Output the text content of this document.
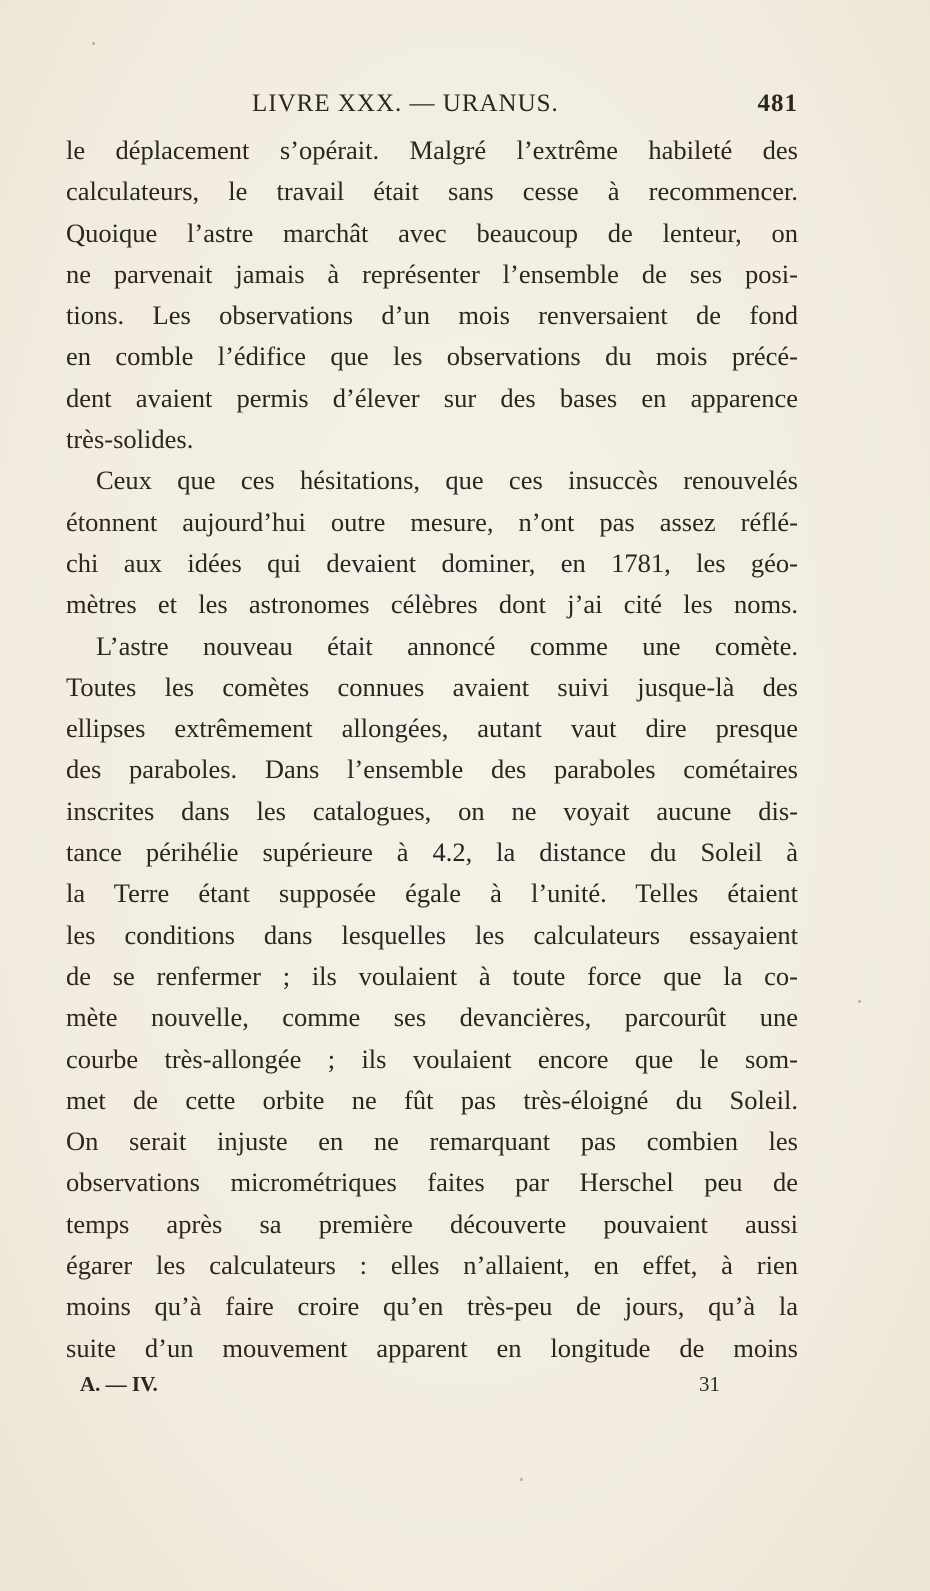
LIVRE XXX. — URANUS.	481
le déplacement s’opérait. Malgré l’extrême habileté des
calculateurs, le travail était sans cesse à recommencer.
Quoique l’astre marchât avec beaucoup de lenteur, on
ne parvenait jamais à représenter l’ensemble de ses posi-
tions. Les observations d’un mois renversaient de fond
en comble l’édifice que les observations du mois précé-
dent avaient permis d’élever sur des bases en apparence
très-solides.
Ceux que ces hésitations, que ces insuccès renouvelés
étonnent aujourd’hui outre mesure, n’ont pas assez réflé-
chi aux idées qui devaient dominer, en 1781, les géo-
mètres et les astronomes célèbres dont j’ai cité les noms.
L’astre nouveau était annoncé comme une comète.
Toutes les comètes connues avaient suivi jusque-là des
ellipses extrêmement allongées, autant vaut dire presque
des paraboles. Dans l’ensemble des paraboles cométaires
inscrites dans les catalogues, on ne voyait aucune dis-
tance périhélie supérieure à 4.2, la distance du Soleil à
la Terre étant supposée égale à l’unité. Telles étaient
les conditions dans lesquelles les calculateurs essayaient
de se renfermer ; ils voulaient à toute force que la co-
mète nouvelle, comme ses devancières, parcourût une
courbe très-allongée ; ils voulaient encore que le som-
met de cette orbite ne fût pas très-éloigné du Soleil.
On serait injuste en ne remarquant pas combien les
observations micrométriques faites par Herschel peu de
temps après sa première découverte pouvaient aussi
égarer les calculateurs : elles n’allaient, en effet, à rien
moins qu’à faire croire qu’en très-peu de jours, qu’à la
suite d’un mouvement apparent en longitude de moins
A. — IV.	31
